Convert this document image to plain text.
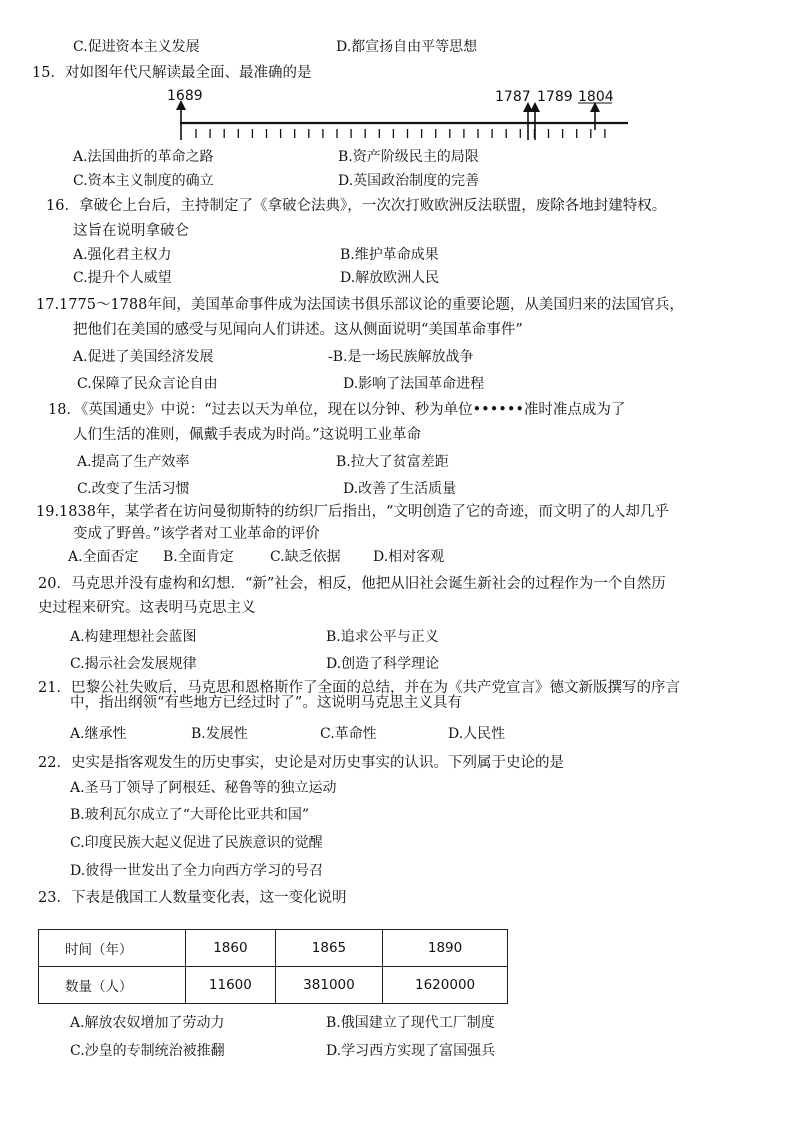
C.促进资本主义发展	D.都宣扬自由平等思想
15．对如图年代尺解读最全面、最准确的是
1689	1787 1789 1804
A.法国曲折的革命之路	B.资产阶级民主的局限
C.资本主义制度的确立	D.英国政治制度的完善
16．拿破仑上台后，主持制定了《拿破仑法典》，一次次打败欧洲反法联盟，废除各地封建特权。
这旨在说明拿破仑
A.强化君主权力	B.维护革命成果
C.提升个人威望	D.解放欧洲人民
17.1775～1788年间，美国革命事件成为法国读书俱乐部议论的重要论题，从美国归来的法国官兵，
把他们在美国的感受与见闻向人们讲述。这从侧面说明“美国革命事件”
A.促进了美国经济发展	-B.是一场民族解放战争
C.保障了民众言论自由	D.影响了法国革命进程
18．《英国通史》中说：“过去以天为单位，现在以分钟、秒为单位••••••准时准点成为了
人们生活的准则，佩戴手表成为时尚。”这说明工业革命
A.提高了生产效率	B.拉大了贫富差距
C.改变了生活习惯	D.改善了生活质量
19.1838年，某学者在访问曼彻斯特的纺织厂后指出，“文明创造了它的奇迹，而文明了的人却几乎
变成了野兽。”该学者对工业革命的评价
A.全面否定 B.全面肯定	C.缺乏依据 D.相对客观
20．马克思并没有虚构和幻想．“新”社会，相反，他把从旧社会诞生新社会的过程作为一个自然历
史过程来研究。这表明马克思主义
A.构建理想社会蓝图	B.追求公平与正义
C.揭示社会发展规律	D.创造了科学理论
21．巴黎公社失败后，马克思和恩格斯作了全面的总结，并在为《共产党宣言》德文新版撰写的序言
中，指出纲领“有些地方已经过时了”。这说明马克思主义具有
A.继承性	B.发展性	C.革命性	D.人民性
22．史实是指客观发生的历史事实，史论是对历史事实的认识。下列属于史论的是
A.圣马丁领导了阿根廷、秘鲁等的独立运动
B.玻利瓦尔成立了“大哥伦比亚共和国”
C.印度民族大起义促进了民族意识的觉醒
D.彼得一世发出了全力向西方学习的号召
23．下表是俄国工人数量变化表，这一变化说明
时间（年）	1860	1865	1890
数量（人）	11600	381000	1620000
A.解放农奴增加了劳动力	B.俄国建立了现代工厂制度
C.沙皇的专制统治被推翻	D.学习西方实现了富国强兵
